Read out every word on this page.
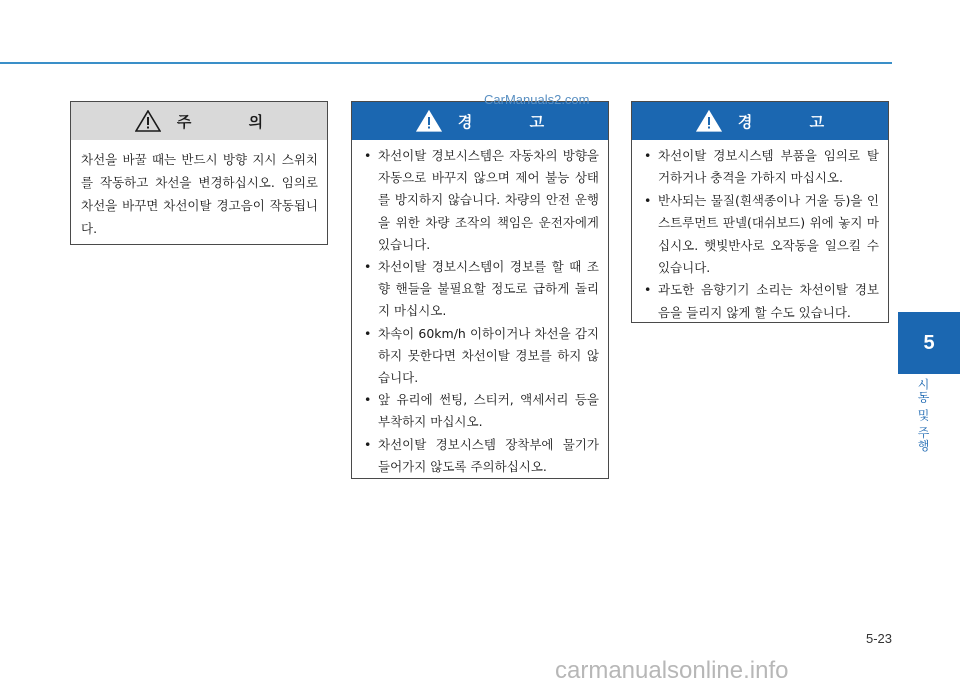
주 의
차선을 바꿀 때는 반드시 방향 지시 스위치를 작동하고 차선을 변경하십시오. 임의로 차선을 바꾸면 차선이탈 경고음이 작동됩니다.
경 고
• 차선이탈 경보시스템은 자동차의 방향을 자동으로 바꾸지 않으며 제어 불능 상태를 방지하지 않습니다. 차량의 안전 운행을 위한 차량 조작의 책임은 운전자에게 있습니다.
• 차선이탈 경보시스템이 경보를 할 때 조향 핸들을 불필요할 정도로 급하게 돌리지 마십시오.
• 차속이 60km/h 이하이거나 차선을 감지하지 못한다면 차선이탈 경보를 하지 않습니다.
• 앞 유리에 썬팅, 스티커, 액세서리 등을 부착하지 마십시오.
• 차선이탈 경보시스템 장착부에 물기가 들어가지 않도록 주의하십시오.
경 고
• 차선이탈 경보시스템 부품을 임의로 탈거하거나 충격을 가하지 마십시오.
• 반사되는 물질(흰색종이나 거울 등)을 인스트루먼트 판넬(대쉬보드) 위에 놓지 마십시오. 햇빛반사로 오작동을 일으킬 수 있습니다.
• 과도한 음향기기 소리는 차선이탈 경보음을 들리지 않게 할 수도 있습니다.
CarManuals2.com
5
시동 및 주행
5-23
carmanualsonline.info
